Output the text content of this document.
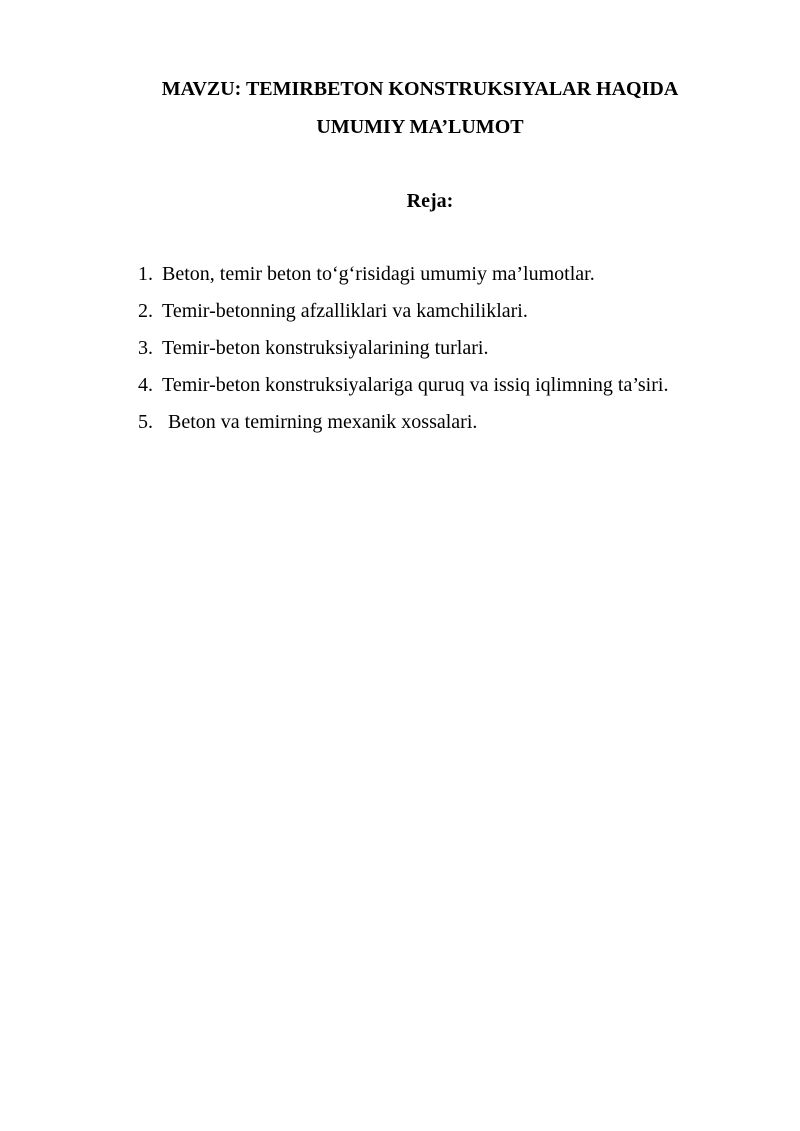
MAVZU: TEMIRBETON KONSTRUKSIYALAR HAQIDA
UMUMIY MA’LUMOT
Reja:
1. Beton, temir beton to‘g‘risidagi umumiy ma’lumotlar.
2. Temir-betonning afzalliklari va kamchiliklari.
3. Temir-beton konstruksiyalarining turlari.
4. Temir-beton konstruksiyalariga quruq va issiq iqlimning ta’siri.
5. Beton va temirning mexanik xossalari.
